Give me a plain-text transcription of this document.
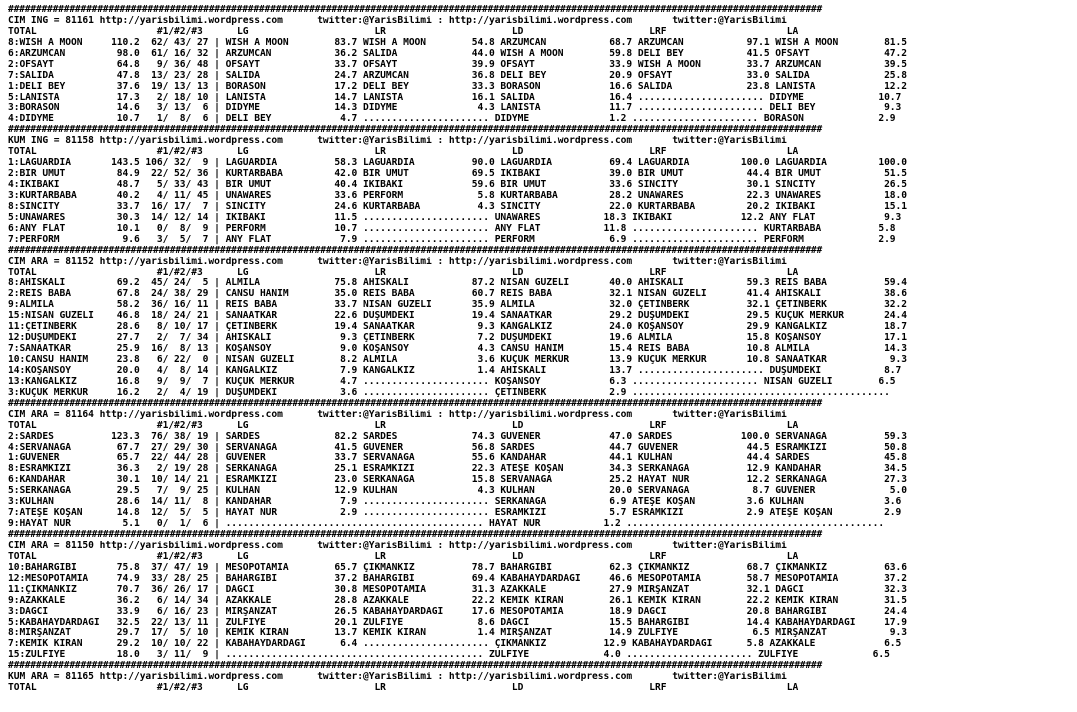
##################################################################################################################################################
CIM ING = 81161 http://yarisbilimi.wordpress.com      twitter:@YarisBilimi : http://yarisbilimi.wordpress.com       twitter:@YarisBilimi
TOTAL                     #1/#2/#3      LG                      LR                      LD                      LRF                     LA
8:WISH A MOON     110.2  62/ 43/ 27 | WISH A MOON        83.7 WISH A MOON        54.8 ARZUMCAN           68.7 ARZUMCAN           97.1 WISH A MOON        81.5
6:ARZUMCAN         98.0  61/ 16/ 32 | ARZUMCAN           36.2 SALİDA             44.0 WISH A MOON        59.8 DELİ BEY           41.5 OFSAYT             47.2
2:OFSAYT           64.8   9/ 36/ 48 | OFSAYT             33.7 OFSAYT             39.9 OFSAYT             33.9 WISH A MOON        33.7 ARZUMCAN           39.5
7:SALİDA           47.8  13/ 23/ 28 | SALİDA             24.7 ARZUMCAN           36.8 DELİ BEY           20.9 OFSAYT             33.0 SALİDA             25.8
1:DELİ BEY         37.6  19/ 13/ 13 | BORASON            17.2 DELİ BEY           33.3 BORASON            16.6 SALİDA             23.8 LANISTA            12.2
5:LANISTA          17.3   2/ 18/ 10 | LANISTA            14.7 LANISTA            16.1 SALİDA             16.4 ...................... DIDYME             10.7
3:BORASON          14.6   3/ 13/  6 | DIDYME             14.3 DIDYME              4.3 LANISTA            11.7 ...................... DELİ BEY            9.3
4:DIDYME           10.7   1/  8/  6 | DELİ BEY            4.7 ...................... DIDYME              1.2 ...................... BORASON             2.9
##################################################################################################################################################
KUM ING = 81158 http://yarisbilimi.wordpress.com      twitter:@YarisBilimi : http://yarisbilimi.wordpress.com       twitter:@YarisBilimi
TOTAL                     #1/#2/#3      LG                      LR                      LD                      LRF                     LA
1:LAGUARDIA       143.5 106/ 32/  9 | LAGUARDIA          58.3 LAGUARDIA          90.0 LAGUARDIA          69.4 LAGUARDIA         100.0 LAGUARDIA         100.0
2:BİR UMUT         84.9  22/ 52/ 36 | KURTARBABA         42.0 BİR UMUT           69.5 İKİBAKI            39.0 BİR UMUT           44.4 BİR UMUT           51.5
4:İKİBAKI          48.7   5/ 33/ 43 | BİR UMUT           40.4 İKİBAKI            59.6 BİR UMUT           33.6 SINCITY            30.1 SINCITY            26.5
3:KURTARBABA       40.2   4/ 11/ 45 | UNAWARES           33.6 PERFORM             5.8 KURTARBABA         28.2 UNAWARES           22.3 UNAWARES           18.0
8:SINCITY          33.7  16/ 17/  7 | SINCITY            24.6 KURTARBABA          4.3 SINCITY            22.0 KURTARBABA         20.2 İKİBAKI            15.1
5:UNAWARES         30.3  14/ 12/ 14 | İKİBAKI            11.5 ...................... UNAWARES           18.3 İKİBAKI            12.2 ANY FLAT            9.3
6:ANY FLAT         10.1   0/  8/  9 | PERFORM            10.7 ...................... ANY FLAT           11.8 ...................... KURTARBABA          5.8
7:PERFORM           9.6   3/  5/  7 | ANY FLAT            7.9 ...................... PERFORM             6.9 ...................... PERFORM             2.9
##################################################################################################################################################
CIM ARA = 81152 http://yarisbilimi.wordpress.com      twitter:@YarisBilimi : http://yarisbilimi.wordpress.com       twitter:@YarisBilimi
TOTAL                     #1/#2/#3      LG                      LR                      LD                      LRF                     LA
8:AHISKALI         69.2  45/ 24/  5 | ALMİLA             75.8 AHISKALI           87.2 NİSAN GÜZELİ       40.0 AHISKALI           59.3 REİS BABA          59.4
2:REİS BABA        67.8  24/ 38/ 29 | CANSU HANIM        35.0 REİS BABA          60.7 REİS BABA          32.1 NİSAN GÜZELİ       41.4 AHISKALI           38.6
9:ALMİLA           58.2  36/ 16/ 11 | REİS BABA          33.7 NİSAN GÜZELİ       35.9 ALMİLA             32.0 ÇETİNBERK          32.1 ÇETİNBERK          32.2
15:NİSAN GÜZELİ    46.8  18/ 24/ 21 | SANAATKAR          22.6 DÜŞÜMDEKİ          19.4 SANAATKAR          29.2 DÜŞÜMDEKİ          29.5 KÜÇÜK MERKÜR       24.4
11:ÇETİNBERK       28.6   8/ 10/ 17 | ÇETİNBERK          19.4 SANAATKAR           9.3 KANGALKIZ          24.0 KOŞANSOY           29.9 KANGALKIZ          18.7
12:DÜŞÜMDEKİ       27.7   2/  7/ 34 | AHISKALI            9.3 ÇETİNBERK           7.2 DÜŞÜMDEKİ          19.6 ALMİLA             15.8 KOŞANSOY           17.1
7:SANAATKAR        25.9  16/  8/ 13 | KOŞANSOY            9.0 KOŞANSOY            4.3 CANSU HANIM        15.4 REİS BABA          10.8 ALMİLA             14.3
10:CANSU HANIM     23.8   6/ 22/  0 | NİSAN GÜZELİ        8.2 ALMİLA              3.6 KÜÇÜK MERKÜR       13.9 KÜÇÜK MERKÜR       10.8 SANAATKAR           9.3
14:KOŞANSOY        20.0   4/  8/ 14 | KANGALKIZ           7.9 KANGALKIZ           1.4 AHISKALI           13.7 ...................... DÜŞÜMDEKİ           8.7
13:KANGALKIZ       16.8   9/  9/  7 | KÜÇÜK MERKÜR        4.7 ...................... KOŞANSOY            6.3 ...................... NİSAN GÜZELİ        6.5
3:KÜÇÜK MERKÜR     16.2   2/  4/ 19 | DÜŞÜMDEKİ           3.6 ...................... ÇETİNBERK           2.9 .............................................
##################################################################################################################################################
CIM ARA = 81164 http://yarisbilimi.wordpress.com      twitter:@YarisBilimi : http://yarisbilimi.wordpress.com       twitter:@YarisBilimi
TOTAL                     #1/#2/#3      LG                      LR                      LD                      LRF                     LA
2:SARDES          123.3  76/ 38/ 19 | SARDES             82.2 SARDES             74.3 GÜVENER            47.0 SARDES            100.0 SERVANAĞA          59.3
4:SERVANAĞA        67.7  27/ 29/ 30 | SERVANAĞA          41.5 GÜVENER            56.8 SARDES             44.7 GÜVENER            44.5 ESRAMKIZI          50.8
1:GÜVENER          65.7  22/ 44/ 28 | GÜVENER            33.7 SERVANAĞA          55.6 KANDAHAR           44.1 KÜLHAN             44.4 SARDES             45.8
8:ESRAMKIZI        36.3   2/ 19/ 28 | SERKANAĞA          25.1 ESRAMKIZI          22.3 ATEŞE KOŞAN        34.3 SERKANAĞA          12.9 KANDAHAR           34.5
6:KANDAHAR         30.1  10/ 14/ 21 | ESRAMKIZI          23.0 SERKANAĞA          15.8 SERVANAĞA          25.2 HAYAT NUR          12.2 SERKANAĞA          27.3
5:SERKANAĞA        29.5   7/  9/ 25 | KÜLHAN             12.9 KÜLHAN              4.3 KÜLHAN             20.0 SERVANAĞA           8.7 GÜVENER             5.0
3:KÜLHAN           28.6  14/ 11/  8 | KANDAHAR            7.9 ...................... SERKANAĞA           6.9 ATEŞE KOŞAN         3.6 KÜLHAN              3.6
7:ATEŞE KOŞAN      14.8  12/  5/  5 | HAYAT NUR           2.9 ...................... ESRAMKIZI           5.7 ESRAMKIZI           2.9 ATEŞE KOŞAN         2.9
9:HAYAT NUR         5.1   0/  1/  6 | ............................................. HAYAT NUR           1.2 .............................................
##################################################################################################################################################
CIM ARA = 81150 http://yarisbilimi.wordpress.com      twitter:@YarisBilimi : http://yarisbilimi.wordpress.com       twitter:@YarisBilimi
TOTAL                     #1/#2/#3      LG                      LR                      LD                      LRF                     LA
10:BAHARGİBİ       75.8  37/ 47/ 19 | MESOPOTAMİA        65.7 ÇIKMANKIZ          78.7 BAHARGİBİ          62.3 ÇIKMANKIZ          68.7 ÇIKMANKIZ          63.6
12:MESOPOTAMİA     74.9  33/ 28/ 25 | BAHARGİBİ          37.2 BAHARGİBİ          69.4 KABAHAYDARDAĞI     46.6 MESOPOTAMİA        58.7 MESOPOTAMİA        37.2
11:ÇIKMANKIZ       70.7  36/ 26/ 17 | DAĞCI              30.8 MESOPOTAMİA        31.3 AZAKKALE           27.9 MİRŞANZAT          32.1 DAĞCI              32.3
9:AZAKKALE         36.2   6/ 14/ 34 | AZAKKALE           28.8 AZAKKALE           22.2 KEMİK KIRAN        26.1 KEMİK KIRAN        22.2 KEMİK KIRAN        31.5
3:DAĞCI            33.9   6/ 16/ 23 | MİRŞANZAT          26.5 KABAHAYDARDAĞI     17.6 MESOPOTAMİA        18.9 DAĞCI              20.8 BAHARGİBİ          24.4
5:KABAHAYDARDAĞI   32.5  22/ 13/ 11 | ZÜLFİYE            20.1 ZÜLFİYE             8.6 DAĞCI              15.5 BAHARGİBİ          14.4 KABAHAYDARDAĞI     17.9
8:MİRŞANZAT        29.7  17/  5/ 10 | KEMİK KIRAN        13.7 KEMİK KIRAN         1.4 MİRŞANZAT          14.9 ZÜLFİYE             6.5 MİRŞANZAT           9.3
7:KEMİK KIRAN      29.2  10/ 10/ 22 | KABAHAYDARDAĞI      6.4 ...................... ÇIKMANKIZ          12.9 KABAHAYDARDAĞI      5.8 AZAKKALE            6.5
15:ZÜLFİYE         18.0   3/ 11/  9 | ............................................. ZÜLFİYE             4.0 ...................... ZÜLFİYE             6.5
##################################################################################################################################################
KUM ARA = 81165 http://yarisbilimi.wordpress.com      twitter:@YarisBilimi : http://yarisbilimi.wordpress.com       twitter:@YarisBilimi
TOTAL                     #1/#2/#3      LG                      LR                      LD                      LRF                     LA
